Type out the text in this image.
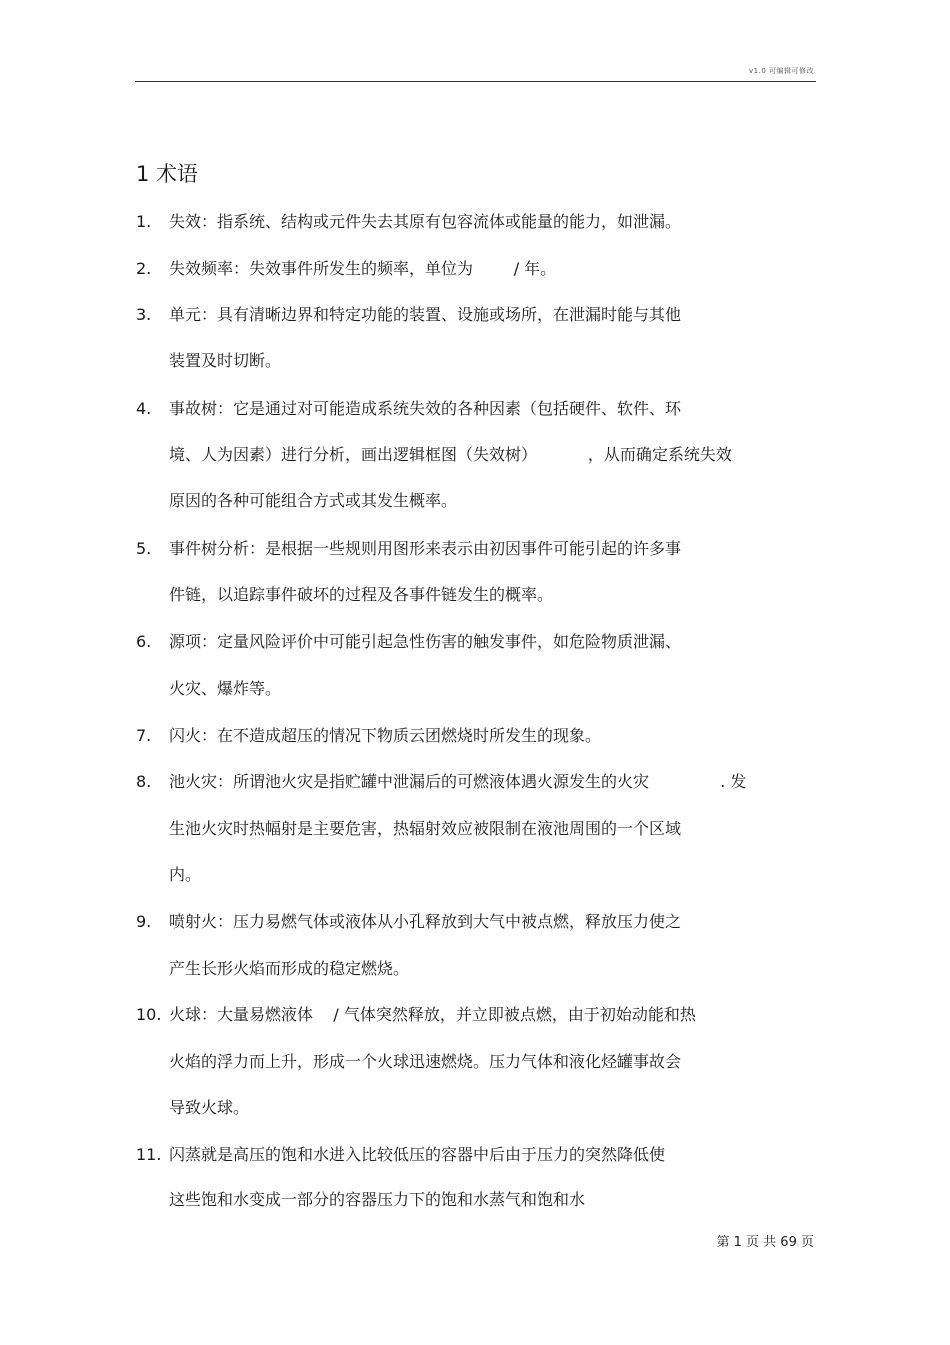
v1.0 可编辑可修改
1 术语
1. 失效：指系统、结构或元件失去其原有包容流体或能量的能力，如泄漏。
2. 失效频率：失效事件所发生的频率，单位为        / 年。
3. 单元：具有清晰边界和特定功能的装置、设施或场所，在泄漏时能与其他
装置及时切断。
4. 事故树：它是通过对可能造成系统失效的各种因素（包括硬件、软件、环
境、人为因素）进行分析，画出逻辑框图（失效树）          ，从而确定系统失效
原因的各种可能组合方式或其发生概率。
5. 事件树分析：是根据一些规则用图形来表示由初因事件可能引起的许多事
件链，以追踪事件破坏的过程及各事件链发生的概率。
6. 源项：定量风险评价中可能引起急性伤害的触发事件，如危险物质泄漏、
火灾、爆炸等。
7. 闪火：在不造成超压的情况下物质云团燃烧时所发生的现象。
8. 池火灾：所谓池火灾是指贮罐中泄漏后的可燃液体遇火源发生的火灾              . 发
生池火灾时热幅射是主要危害，热辐射效应被限制在液池周围的一个区域
内。
9. 喷射火：压力易燃气体或液体从小孔释放到大气中被点燃，释放压力使之
产生长形火焰而形成的稳定燃烧。
10. 火球：大量易燃液体    / 气体突然释放，并立即被点燃，由于初始动能和热
火焰的浮力而上升，形成一个火球迅速燃烧。压力气体和液化烃罐事故会
导致火球。
11. 闪蒸就是高压的饱和水进入比较低压的容器中后由于压力的突然降低使
这些饱和水变成一部分的容器压力下的饱和水蒸气和饱和水
第 1 页 共 69 页
